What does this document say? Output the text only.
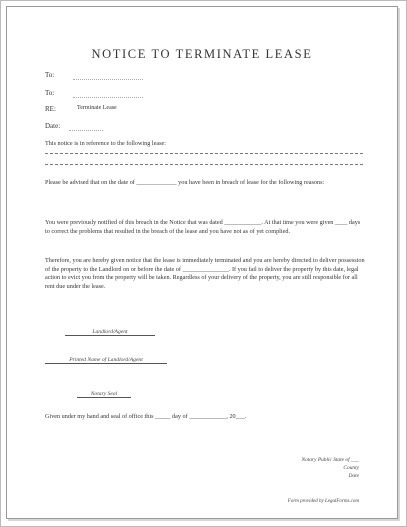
NOTICE TO TERMINATE LEASE
To:
To:
RE:	Terminate Lease
Date:
This notice is in reference to the following lease:
Please be advised that on the date of _____________ you have been in breach of lease for the following reasons:
You were previously notified of this breach in the Notice that was dated ____________. At that time you were given ____ days to correct the problems that resulted in the breach of the lease and you have not as of yet complied.
Therefore, you are hereby given notice that the lease is immediately terminated and you are hereby directed to deliver possession of the property to the Landlord on or before the date of _______________. If you fail to deliver the property by this date, legal action to evict you from the property will be taken. Regardless of your delivery of the property, you are still responsible for all rent due under the lease.
Landlord/Agent
Printed Name of Landlord/Agent
Notary Seal
Given under my hand and seal of office this _____ day of ____________, 20___.
Notary Public State of ___
County
Date
Form provided by LegalForms.com
